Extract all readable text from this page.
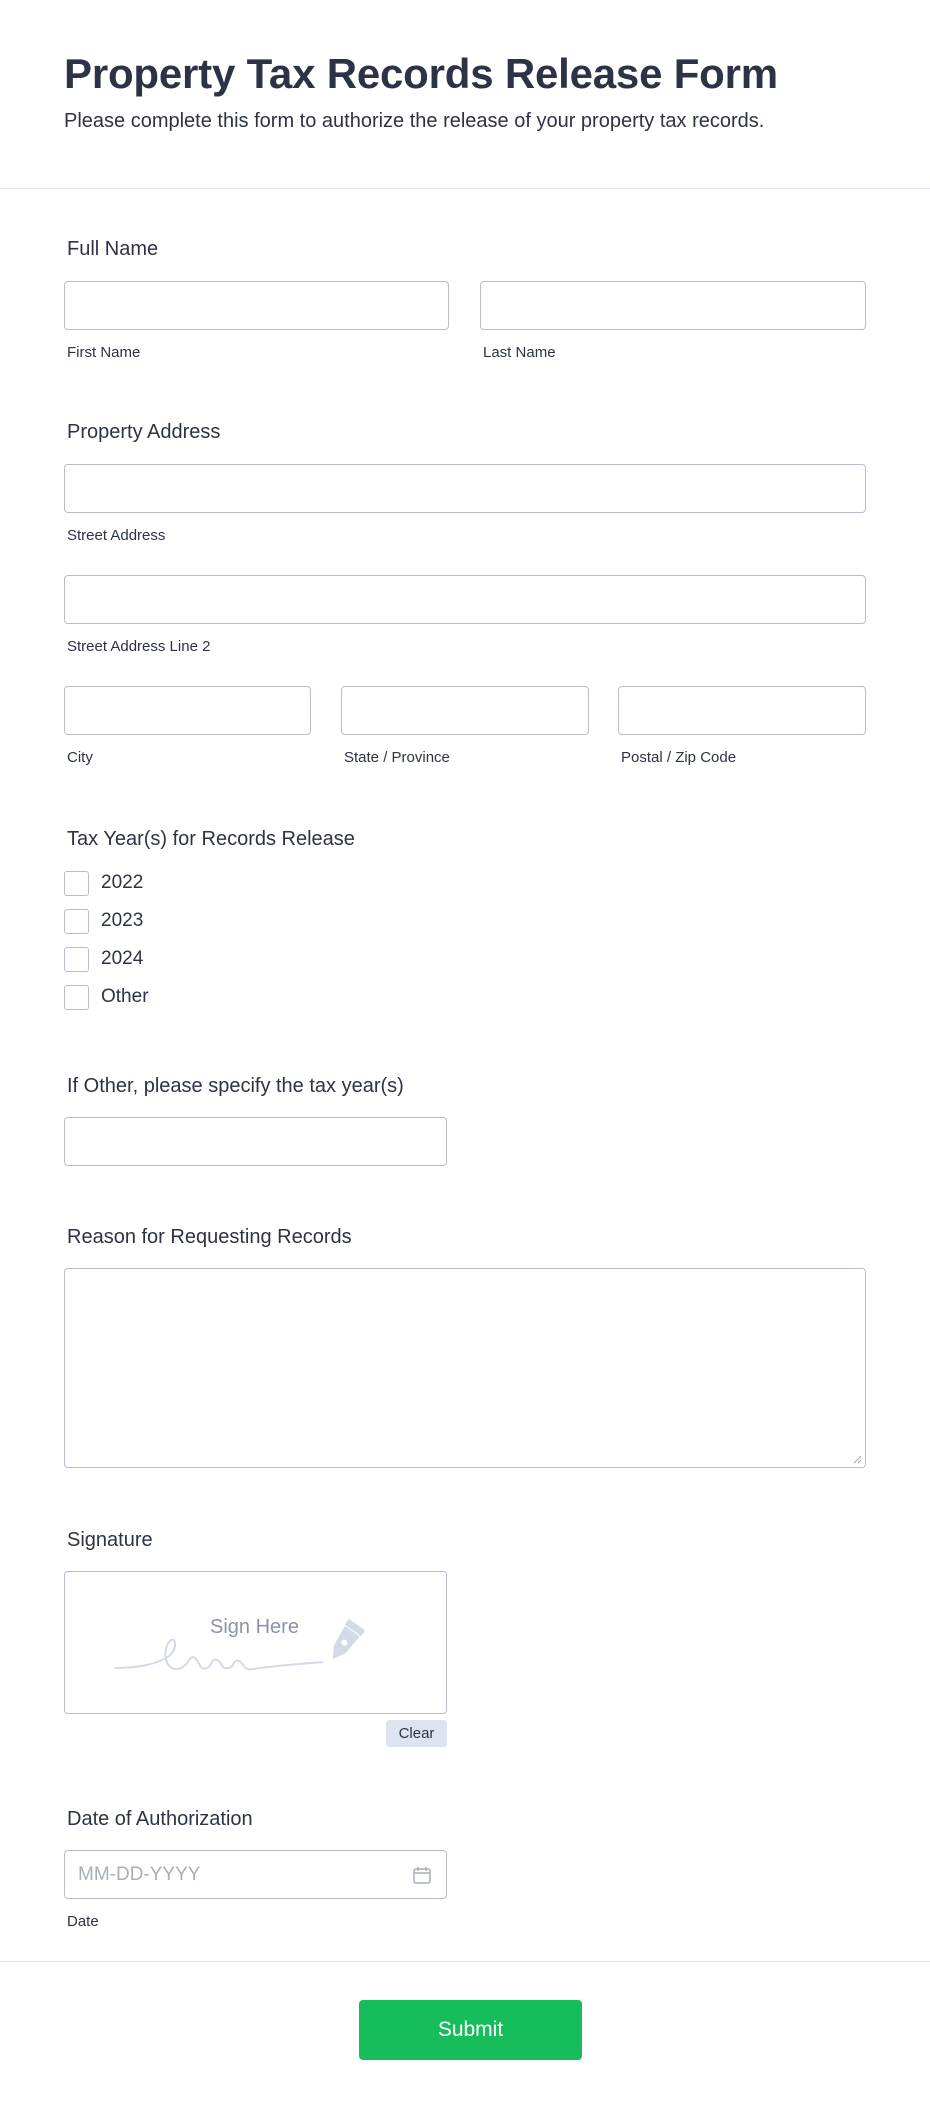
Property Tax Records Release Form
Please complete this form to authorize the release of your property tax records.
Full Name
First Name	Last Name
Property Address
Street Address
Street Address Line 2
City	State / Province	Postal / Zip Code
Tax Year(s) for Records Release
2022
2023
2024
Other
If Other, please specify the tax year(s)
Reason for Requesting Records
Signature
Sign Here
Clear
Date of Authorization
MM-DD-YYYY
Date
Submit
